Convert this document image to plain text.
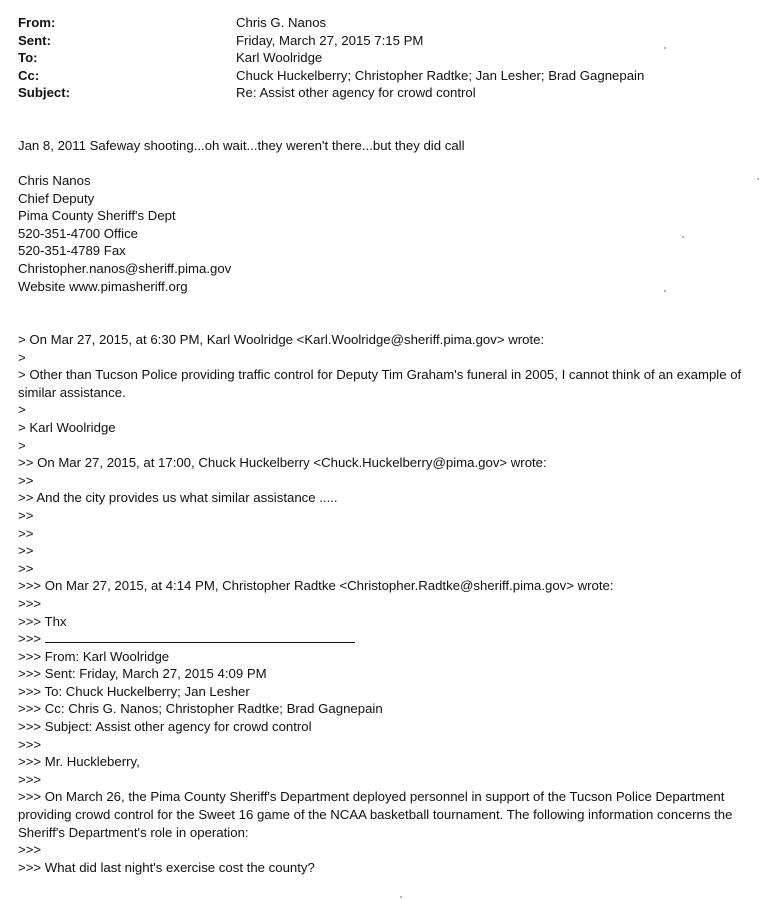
From:	Chris G. Nanos
Sent:	Friday, March 27, 2015 7:15 PM
To:	Karl Woolridge
Cc:	Chuck Huckelberry; Christopher Radtke; Jan Lesher; Brad Gagnepain
Subject:	Re: Assist other agency for crowd control
Jan 8, 2011 Safeway shooting...oh wait...they weren't there...but they did call
Chris Nanos
Chief Deputy
Pima County Sheriff's Dept
520-351-4700 Office
520-351-4789 Fax
Christopher.nanos@sheriff.pima.gov
Website www.pimasheriff.org
> On Mar 27, 2015, at 6:30 PM, Karl Woolridge <Karl.Woolridge@sheriff.pima.gov> wrote:
>
> Other than Tucson Police providing traffic control for Deputy Tim Graham's funeral in 2005, I cannot think of an example of similar assistance.
>
> Karl Woolridge
>
>> On Mar 27, 2015, at 17:00, Chuck Huckelberry <Chuck.Huckelberry@pima.gov> wrote:
>>
>> And the city provides us what similar assistance .....
>>
>>
>>
>>
>>> On Mar 27, 2015, at 4:14 PM, Christopher Radtke <Christopher.Radtke@sheriff.pima.gov> wrote:
>>>
>>> Thx
>>>
>>> From: Karl Woolridge
>>> Sent: Friday, March 27, 2015 4:09 PM
>>> To: Chuck Huckelberry; Jan Lesher
>>> Cc: Chris G. Nanos; Christopher Radtke; Brad Gagnepain
>>> Subject: Assist other agency for crowd control
>>>
>>> Mr. Huckleberry,
>>>
>>> On March 26, the Pima County Sheriff's Department deployed personnel in support of the Tucson Police Department providing crowd control for the Sweet 16 game of the NCAA basketball tournament. The following information concerns the Sheriff's Department's role in operation:
>>>
>>> What did last night's exercise cost the county?
